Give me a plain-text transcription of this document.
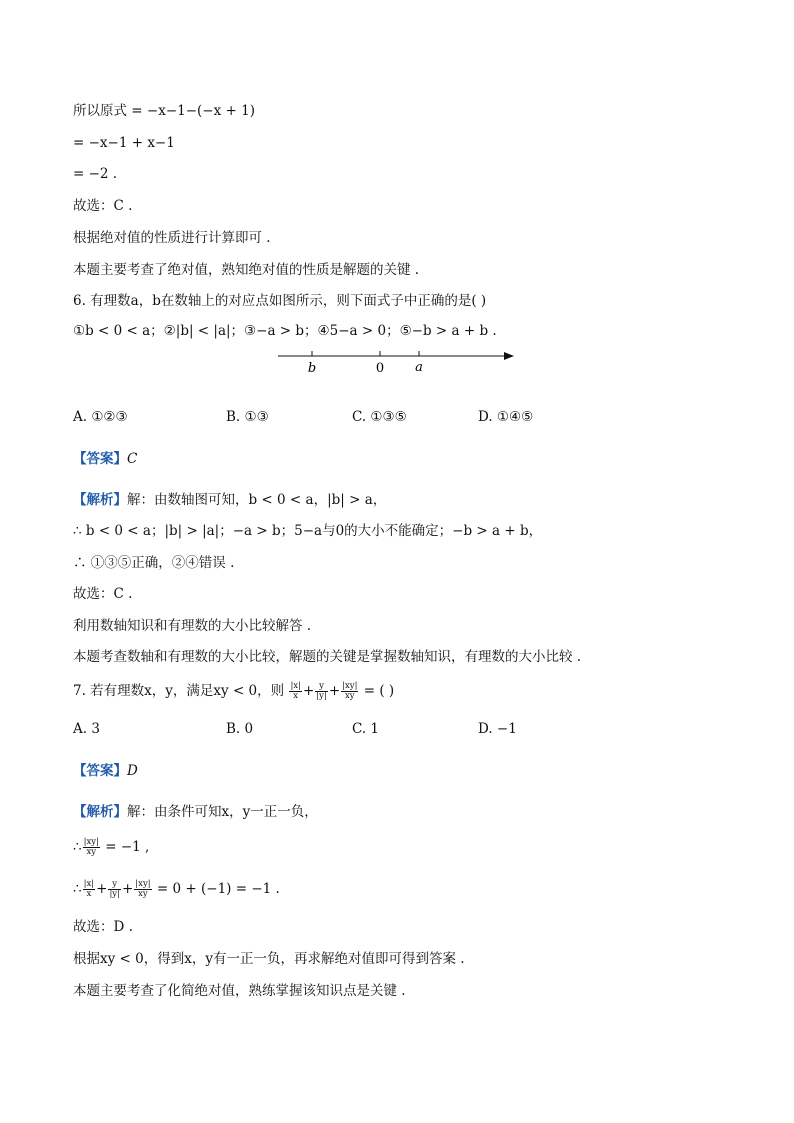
所以原式 = −x−1−(−x + 1)
= −x−1 + x−1
= −2 .
故选：C .
根据绝对值的性质进行计算即可 .
本题主要考查了绝对值，熟知绝对值的性质是解题的关键 .
6. 有理数a，b在数轴上的对应点如图所示，则下面式子中正确的是( )
①b < 0 < a；②|b| < |a|；③−a > b；④5−a > 0；⑤−b > a + b .
b	0 a
A. ①②③	B. ①③	C. ①③⑤	D. ①④⑤
【答案】C
【解析】解：由数轴图可知，b < 0 < a，|b| > a，
∴ b < 0 < a；|b| > |a|；−a > b；5−a与0的大小不能确定；−b > a + b，
∴ ①③⑤正确，②④错误 .
故选：C .
利用数轴知识和有理数的大小比较解答 .
本题考查数轴和有理数的大小比较，解题的关键是掌握数轴知识，有理数的大小比较 .
7. 若有理数x，y，满足xy < 0，则 $\frac{|x|}{x} + \frac{y}{|y|} + \frac{|xy|}{xy}$ = ( )
A. 3	B. 0	C. 1	D. −1
【答案】D
【解析】解：由条件可知x，y一正一负，
∴ $\frac{|xy|}{xy} = -1$ ,
∴ $\frac{|x|}{x} + \frac{y}{|y|} + \frac{|xy|}{xy} = 0 + (-1) = -1$ .
故选：D .
根据xy < 0，得到x，y有一正一负，再求解绝对值即可得到答案 .
本题主要考查了化简绝对值，熟练掌握该知识点是关键 .
